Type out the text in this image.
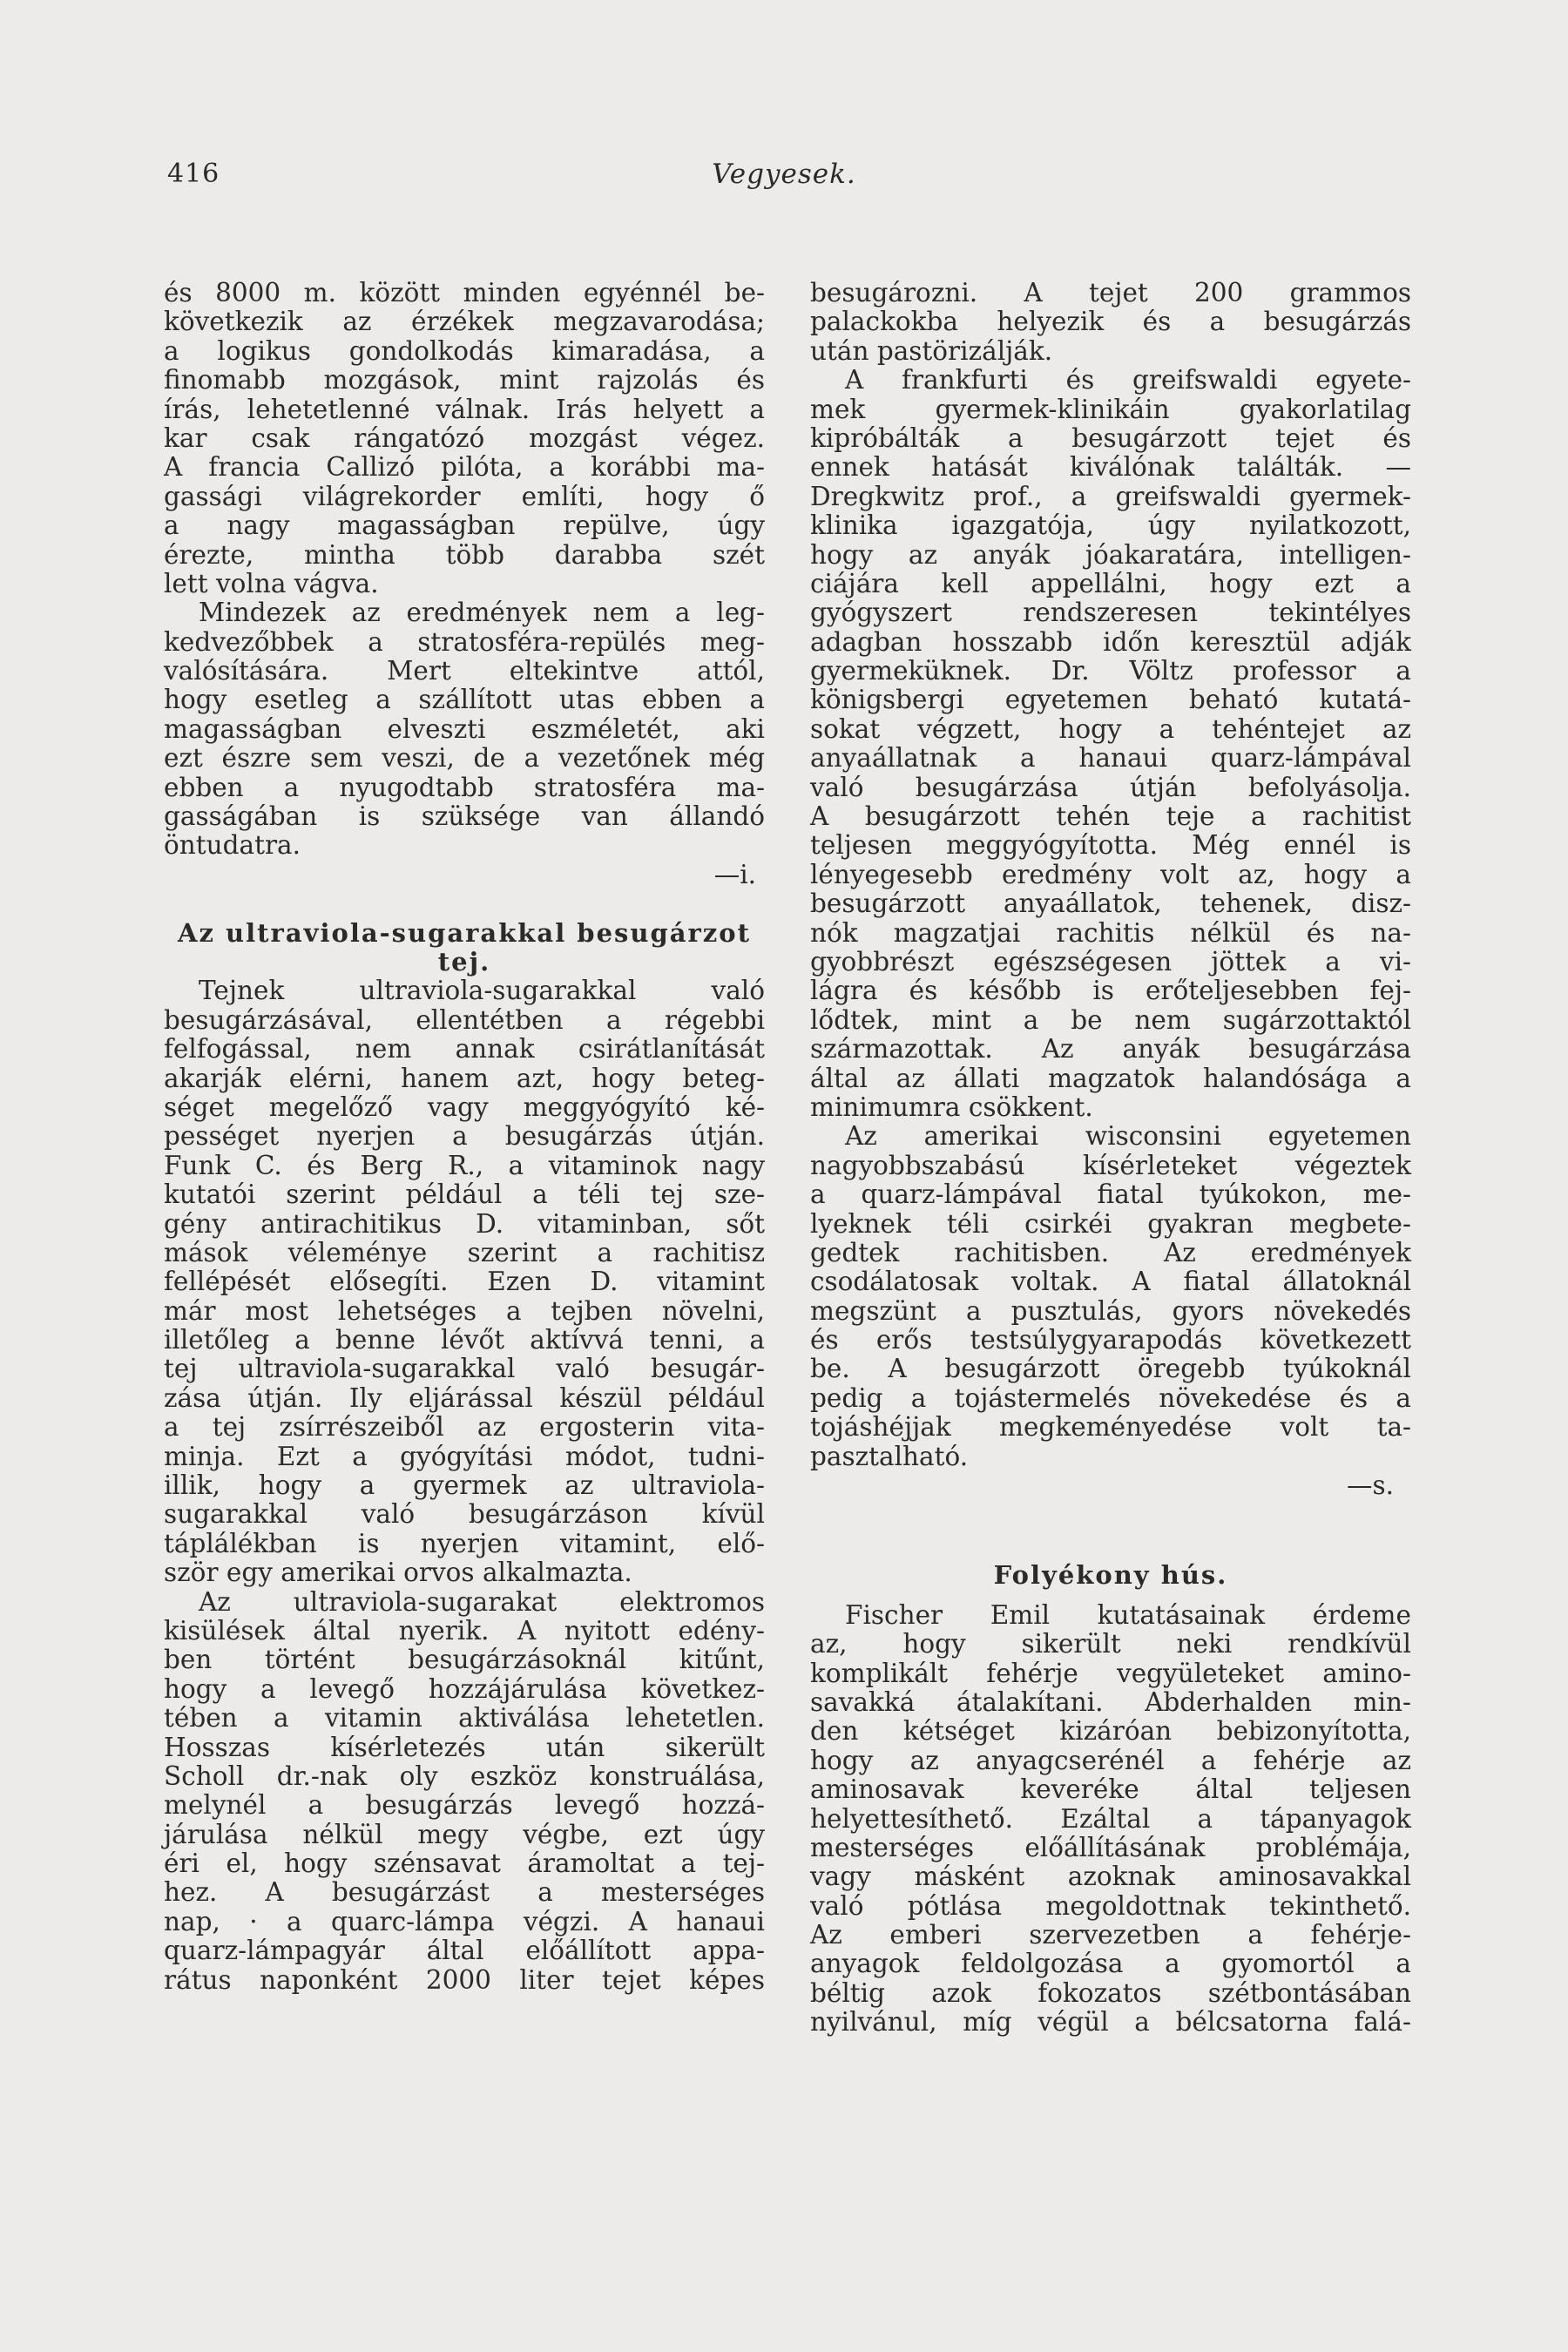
416	Vegyesek.
és 8000 m. között minden egyénnél be-
következik az érzékek megzavarodása;
a logikus gondolkodás kimaradása, a
finomabb mozgások, mint rajzolás és
írás, lehetetlenné válnak. Irás helyett a
kar csak rángatózó mozgást végez.
A francia Callizó pilóta, a korábbi ma-
gassági világrekorder említi, hogy ő
a nagy magasságban repülve, úgy
érezte, mintha több darabba szét
lett volna vágva.
Mindezek az eredmények nem a leg-
kedvezőbbek a stratosféra-repülés meg-
valósítására. Mert eltekintve attól,
hogy esetleg a szállított utas ebben a
magasságban elveszti eszméletét, aki
ezt észre sem veszi, de a vezetőnek még
ebben a nyugodtabb stratosféra ma-
gasságában is szüksége van állandó
öntudatra.
—i.
Az ultraviola-sugarakkal besugárzot
tej.
Tejnek ultraviola-sugarakkal való
besugárzásával, ellentétben a régebbi
felfogással, nem annak csirátlanítását
akarják elérni, hanem azt, hogy beteg-
séget megelőző vagy meggyógyító ké-
pességet nyerjen a besugárzás útján.
Funk C. és Berg R., a vitaminok nagy
kutatói szerint például a téli tej sze-
gény antirachitikus D. vitaminban, sőt
mások véleménye szerint a rachitisz
fellépését elősegíti. Ezen D. vitamint
már most lehetséges a tejben növelni,
illetőleg a benne lévőt aktívvá tenni, a
tej ultraviola-sugarakkal való besugár-
zása útján. Ily eljárással készül például
a tej zsírrészeiből az ergosterin vita-
minja. Ezt a gyógyítási módot, tudni-
illik, hogy a gyermek az ultraviola-
sugarakkal való besugárzáson kívül
táplálékban is nyerjen vitamint, elő-
ször egy amerikai orvos alkalmazta.
Az ultraviola-sugarakat elektromos
kisülések által nyerik. A nyitott edény-
ben történt besugárzásoknál kitűnt,
hogy a levegő hozzájárulása következ-
tében a vitamin aktiválása lehetetlen.
Hosszas kísérletezés után sikerült
Scholl dr.-nak oly eszköz konstruálása,
melynél a besugárzás levegő hozzá-
járulása nélkül megy végbe, ezt úgy
éri el, hogy szénsavat áramoltat a tej-
hez. A besugárzást a mesterséges
nap, · a quarc-lámpa végzi. A hanaui
quarz-lámpagyár által előállított appa-
rátus naponként 2000 liter tejet képes
besugározni. A tejet 200 grammos
palackokba helyezik és a besugárzás
után pastörizálják.
A frankfurti és greifswaldi egyete-
mek gyermek-klinikáin gyakorlatilag
kipróbálták a besugárzott tejet és
ennek hatását kiválónak találták. —
Dregkwitz prof., a greifswaldi gyermek-
klinika igazgatója, úgy nyilatkozott,
hogy az anyák jóakaratára, intelligen-
ciájára kell appellálni, hogy ezt a
gyógyszert rendszeresen tekintélyes
adagban hosszabb időn keresztül adják
gyermeküknek. Dr. Völtz professor a
königsbergi egyetemen beható kutatá-
sokat végzett, hogy a tehéntejet az
anyaállatnak a hanaui quarz-lámpával
való besugárzása útján befolyásolja.
A besugárzott tehén teje a rachitist
teljesen meggyógyította. Még ennél is
lényegesebb eredmény volt az, hogy a
besugárzott anyaállatok, tehenek, disz-
nók magzatjai rachitis nélkül és na-
gyobbrészt egészségesen jöttek a vi-
lágra és később is erőteljesebben fej-
lődtek, mint a be nem sugárzottaktól
származottak. Az anyák besugárzása
által az állati magzatok halandósága a
minimumra csökkent.
Az amerikai wisconsini egyetemen
nagyobbszabású kísérleteket végeztek
a quarz-lámpával fiatal tyúkokon, me-
lyeknek téli csirkéi gyakran megbete-
gedtek rachitisben. Az eredmények
csodálatosak voltak. A fiatal állatoknál
megszünt a pusztulás, gyors növekedés
és erős testsúlygyarapodás következett
be. A besugárzott öregebb tyúkoknál
pedig a tojástermelés növekedése és a
tojáshéjjak megkeményedése volt ta-
pasztalható.
—s.
Folyékony hús.
Fischer Emil kutatásainak érdeme
az, hogy sikerült neki rendkívül
komplikált fehérje vegyületeket amino-
savakká átalakítani. Abderhalden min-
den kétséget kizáróan bebizonyította,
hogy az anyagcserénél a fehérje az
aminosavak keveréke által teljesen
helyettesíthető. Ezáltal a tápanyagok
mesterséges előállításának problémája,
vagy másként azoknak aminosavakkal
való pótlása megoldottnak tekinthető.
Az emberi szervezetben a fehérje-
anyagok feldolgozása a gyomortól a
béltig azok fokozatos szétbontásában
nyilvánul, míg végül a bélcsatorna falá-
